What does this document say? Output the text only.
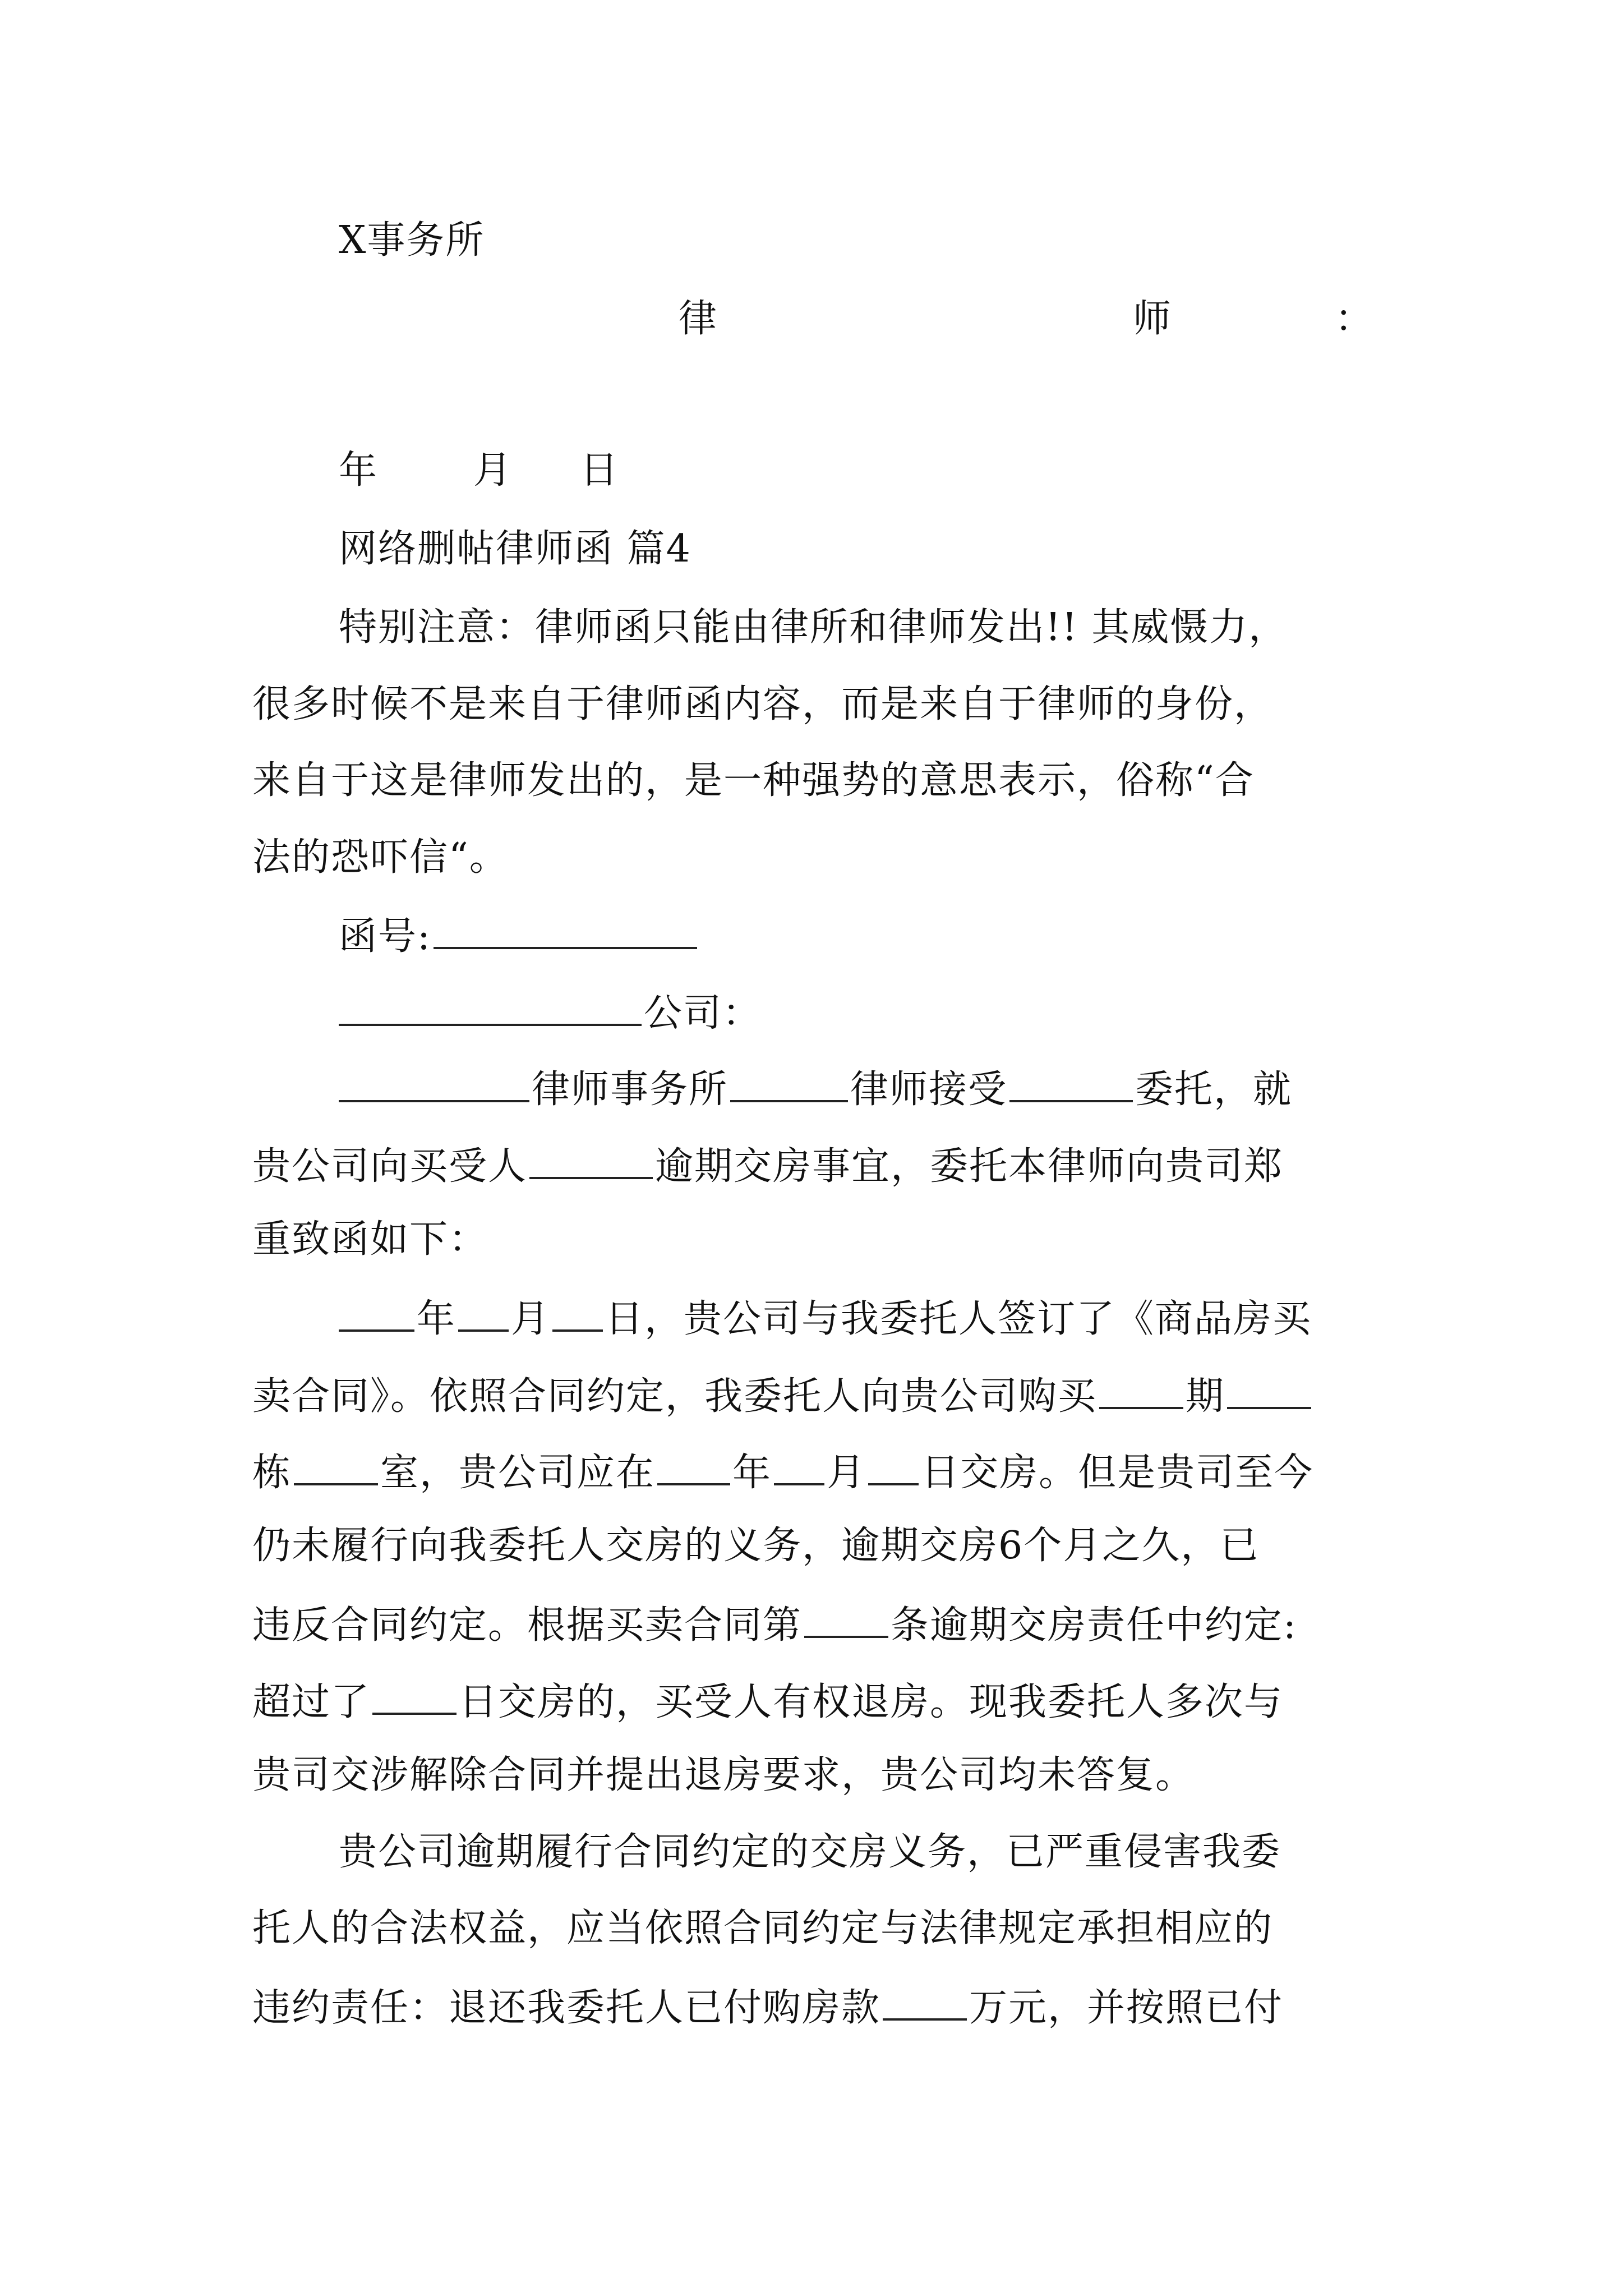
X事务所
律	师	：
年	月 日
网络删帖律师函 篇4
特别注意：律师函只能由律所和律师发出!! 其威慑力，
很多时候不是来自于律师函内容，而是来自于律师的身份，
来自于这是律师发出的，是一种强势的意思表示，俗称“合
法的恐吓信“。
函号:
公司：
律师事务所	律师接受	委托，就
贵公司向买受人	逾期交房事宜，委托本律师向贵司郑
重致函如下：
年 月 日，贵公司与我委托人签订了《商品房买
卖合同》。依照合同约定，我委托人向贵公司购买 期
栋 室，贵公司应在 年 月 日交房。但是贵司至今
仍未履行向我委托人交房的义务，逾期交房6个月之久，已
违反合同约定。根据买卖合同第 条逾期交房责任中约定:
超过了 日交房的，买受人有权退房。现我委托人多次与
贵司交涉解除合同并提出退房要求，贵公司均未答复。
贵公司逾期履行合同约定的交房义务，已严重侵害我委
托人的合法权益，应当依照合同约定与法律规定承担相应的
违约责任：退还我委托人已付购房款 万元，并按照已付
